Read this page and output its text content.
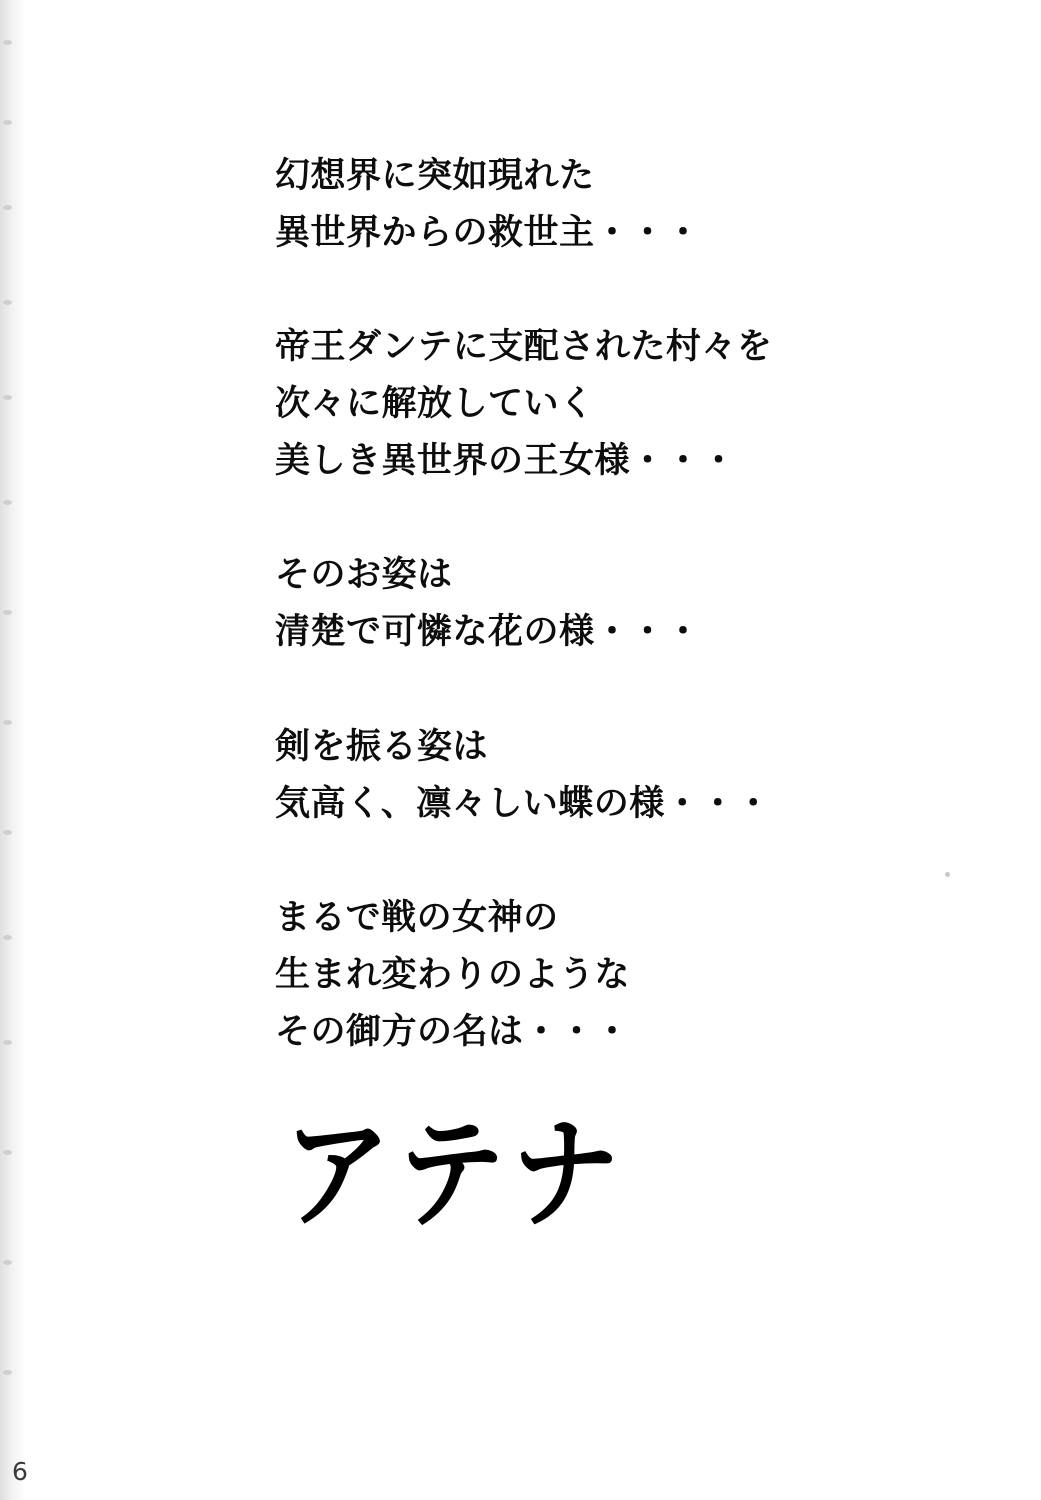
幻想界に突如現れた
異世界からの救世主・・・
帝王ダンテに支配された村々を
次々に解放していく
美しき異世界の王女様・・・
そのお姿は
清楚で可憐な花の様・・・
剣を振る姿は
気高く、凛々しい蝶の様・・・
まるで戦の女神の
生まれ変わりのような
その御方の名は・・・
アテナ
6
